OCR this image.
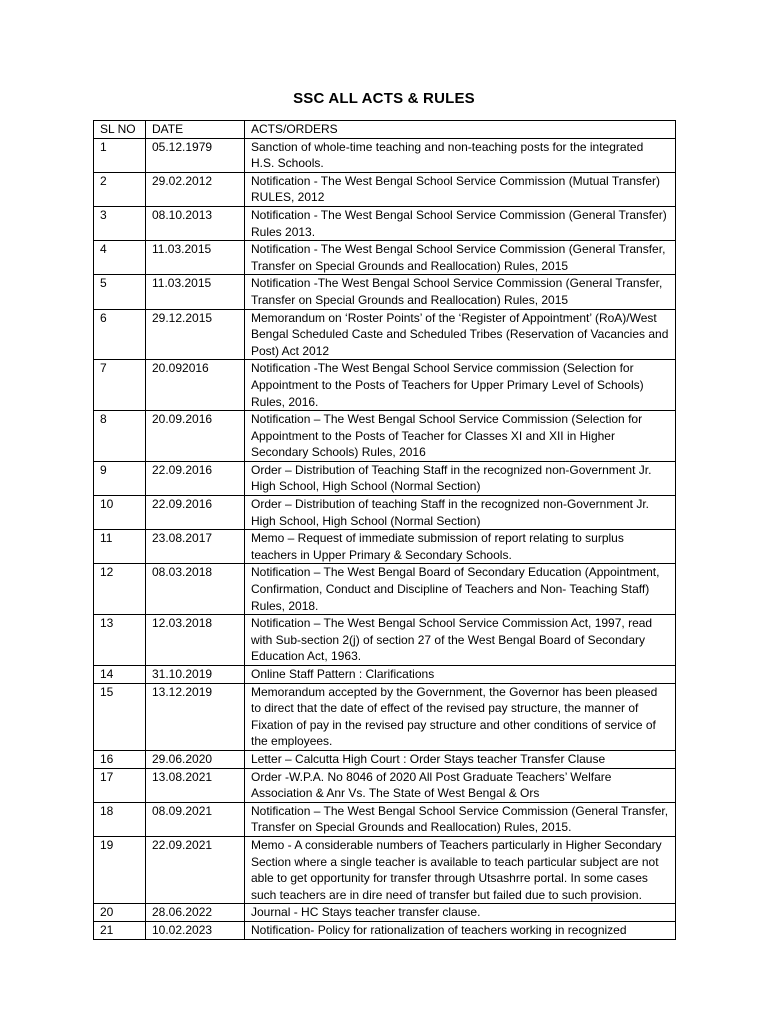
SSC ALL ACTS & RULES
SL NO	DATE	ACTS/ORDERS
1	05.12.1979	Sanction of whole-time teaching and non-teaching posts for the integrated H.S. Schools.
2	29.02.2012	Notification - The West Bengal School Service Commission (Mutual Transfer) RULES, 2012
3	08.10.2013	Notification - The West Bengal School Service Commission (General Transfer) Rules 2013.
4	11.03.2015	Notification - The West Bengal School Service Commission (General Transfer, Transfer on Special Grounds and Reallocation) Rules, 2015
5	11.03.2015	Notification -The West Bengal School Service Commission (General Transfer, Transfer on Special Grounds and Reallocation) Rules, 2015
6	29.12.2015	Memorandum on ‘Roster Points’ of the ‘Register of Appointment’ (RoA)/West Bengal Scheduled Caste and Scheduled Tribes (Reservation of Vacancies and Post) Act 2012
7	20.092016	Notification -The West Bengal School Service commission (Selection for Appointment to the Posts of Teachers for Upper Primary Level of Schools) Rules, 2016.
8	20.09.2016	Notification – The West Bengal School Service Commission (Selection for Appointment to the Posts of Teacher for Classes XI and XII in Higher Secondary Schools) Rules, 2016
9	22.09.2016	Order – Distribution of Teaching Staff in the recognized non-Government Jr. High School, High School (Normal Section)
10	22.09.2016	Order – Distribution of teaching Staff in the recognized non-Government Jr. High School, High School (Normal Section)
11	23.08.2017	Memo – Request of immediate submission of report relating to surplus teachers in Upper Primary & Secondary Schools.
12	08.03.2018	Notification – The West Bengal Board of Secondary Education (Appointment, Confirmation, Conduct and Discipline of Teachers and Non- Teaching Staff) Rules, 2018.
13	12.03.2018	Notification – The West Bengal School Service Commission Act, 1997, read with Sub-section 2(j) of section 27 of the West Bengal Board of Secondary Education Act, 1963.
14	31.10.2019	Online Staff Pattern : Clarifications
15	13.12.2019	Memorandum accepted by the Government, the Governor has been pleased to direct that the date of effect of the revised pay structure, the manner of Fixation of pay in the revised pay structure and other conditions of service of the employees.
16	29.06.2020	Letter – Calcutta High Court : Order Stays teacher Transfer Clause
17	13.08.2021	Order -W.P.A. No 8046 of 2020 All Post Graduate Teachers’ Welfare Association & Anr Vs. The State of West Bengal & Ors
18	08.09.2021	Notification – The West Bengal School Service Commission (General Transfer, Transfer on Special Grounds and Reallocation) Rules, 2015.
19	22.09.2021	Memo - A considerable numbers of Teachers particularly in Higher Secondary Section where a single teacher is available to teach particular subject are not able to get opportunity for transfer through Utsashrre portal. In some cases such teachers are in dire need of transfer but failed due to such provision.
20	28.06.2022	Journal - HC Stays teacher transfer clause.
21	10.02.2023	Notification- Policy for rationalization of teachers working in recognized
